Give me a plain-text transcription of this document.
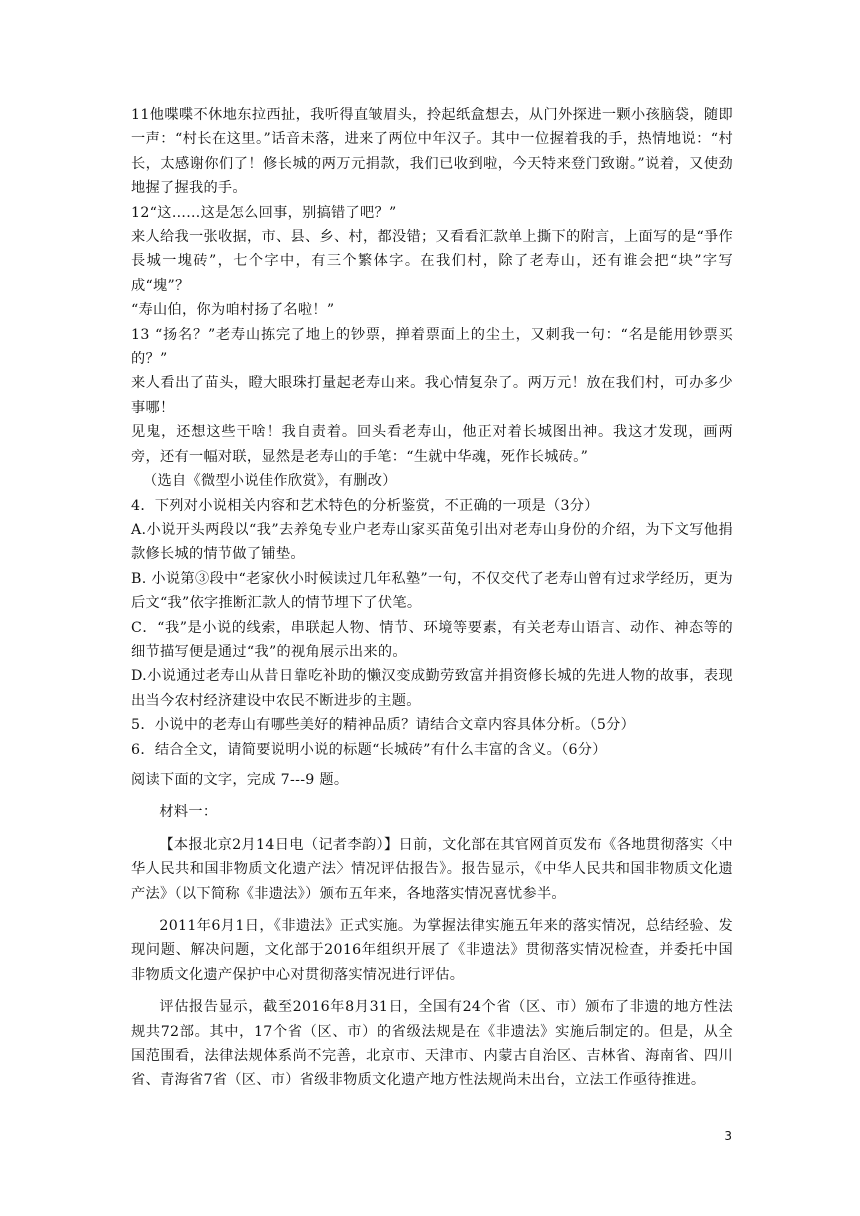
11他喋喋不休地东拉西扯，我听得直皱眉头，拎起纸盒想去，从门外探进一颗小孩脑袋，随即一声：“村长在这里。”话音未落，进来了两位中年汉子。其中一位握着我的手，热情地说：“村长，太感谢你们了！修长城的两万元捐款，我们已收到啦，今天特来登门致谢。”说着，又使劲地握了握我的手。

12“这……这是怎么回事，别搞错了吧？”

来人给我一张收据，市、县、乡、村，都没错；又看看汇款单上撕下的附言，上面写的是“爭作長城一塊砖”，七个字中，有三个繁体字。在我们村，除了老寿山，还有谁会把“块”字写成“塊”？

“寿山伯，你为咱村扬了名啦！”

13 “扬名？”老寿山拣完了地上的钞票，掸着票面上的尘土，又刺我一句：“名是能用钞票买的？”

来人看出了苗头，瞪大眼珠打量起老寿山来。我心情复杂了。两万元！放在我们村，可办多少事哪！

见鬼，还想这些干啥！我自责着。回头看老寿山，他正对着长城图出神。我这才发现，画两旁，还有一幅对联，显然是老寿山的手笔：“生就中华魂，死作长城砖。”

（选自《微型小说佳作欣赏》，有删改）

4．下列对小说相关内容和艺术特色的分析鉴赏，不正确的一项是（3分）

A.小说开头两段以“我”去养兔专业户老寿山家买苗兔引出对老寿山身份的介绍，为下文写他捐款修长城的情节做了铺垫。

B. 小说第③段中“老家伙小时候读过几年私塾”一句，不仅交代了老寿山曾有过求学经历，更为后文“我”依字推断汇款人的情节埋下了伏笔。

C．“我”是小说的线索，串联起人物、情节、环境等要素，有关老寿山语言、动作、神态等的细节描写便是通过“我”的视角展示出来的。

D.小说通过老寿山从昔日靠吃补助的懒汉变成勤劳致富并捐资修长城的先进人物的故事，表现出当今农村经济建设中农民不断进步的主题。

5．小说中的老寿山有哪些美好的精神品质？请结合文章内容具体分析。（5分）

6．结合全文，请简要说明小说的标题“长城砖”有什么丰富的含义。（6分）

阅读下面的文字，完成 7---9 题。

材料一：

【本报北京2月14日电（记者李韵）】日前，文化部在其官网首页发布《各地贯彻落实〈中华人民共和国非物质文化遗产法〉情况评估报告》。报告显示，《中华人民共和国非物质文化遗产法》（以下简称《非遗法》）颁布五年来，各地落实情况喜忧参半。

2011年6月1日，《非遗法》正式实施。为掌握法律实施五年来的落实情况，总结经验、发现问题、解决问题，文化部于2016年组织开展了《非遗法》贯彻落实情况检查，并委托中国非物质文化遗产保护中心对贯彻落实情况进行评估。

评估报告显示，截至2016年8月31日，全国有24个省（区、市）颁布了非遗的地方性法规共72部。其中，17个省（区、市）的省级法规是在《非遗法》实施后制定的。但是，从全国范围看，法律法规体系尚不完善，北京市、天津市、内蒙古自治区、吉林省、海南省、四川省、青海省7省（区、市）省级非物质文化遗产地方性法规尚未出台，立法工作亟待推进。

3
